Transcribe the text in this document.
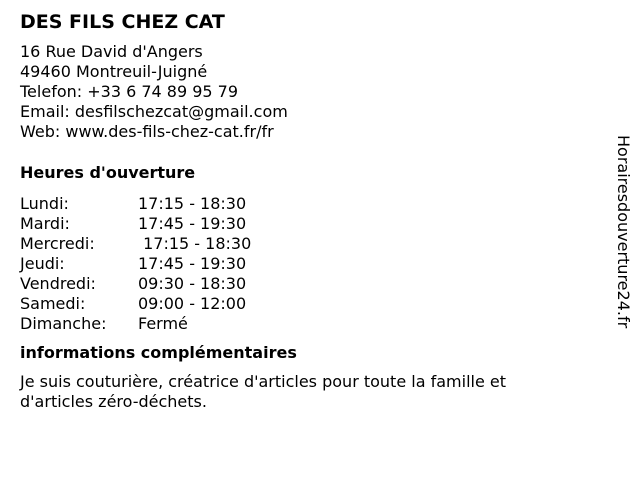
DES FILS CHEZ CAT
16 Rue David d'Angers
49460 Montreuil-Juigné
Telefon: +33 6 74 89 95 79
Email: desfilschezcat@gmail.com
Web: www.des-fils-chez-cat.fr/fr
Heures d'ouverture
Lundi:	17:15 - 18:30
Mardi:	17:45 - 19:30
Mercredi:	17:15 - 18:30
Jeudi:	17:45 - 19:30
Vendredi:	09:30 - 18:30
Samedi:	09:00 - 12:00
Dimanche:	Fermé
informations complémentaires
Je suis couturière, créatrice d'articles pour toute la famille et
d'articles zéro-déchets.
Horairesdouverture24.fr
